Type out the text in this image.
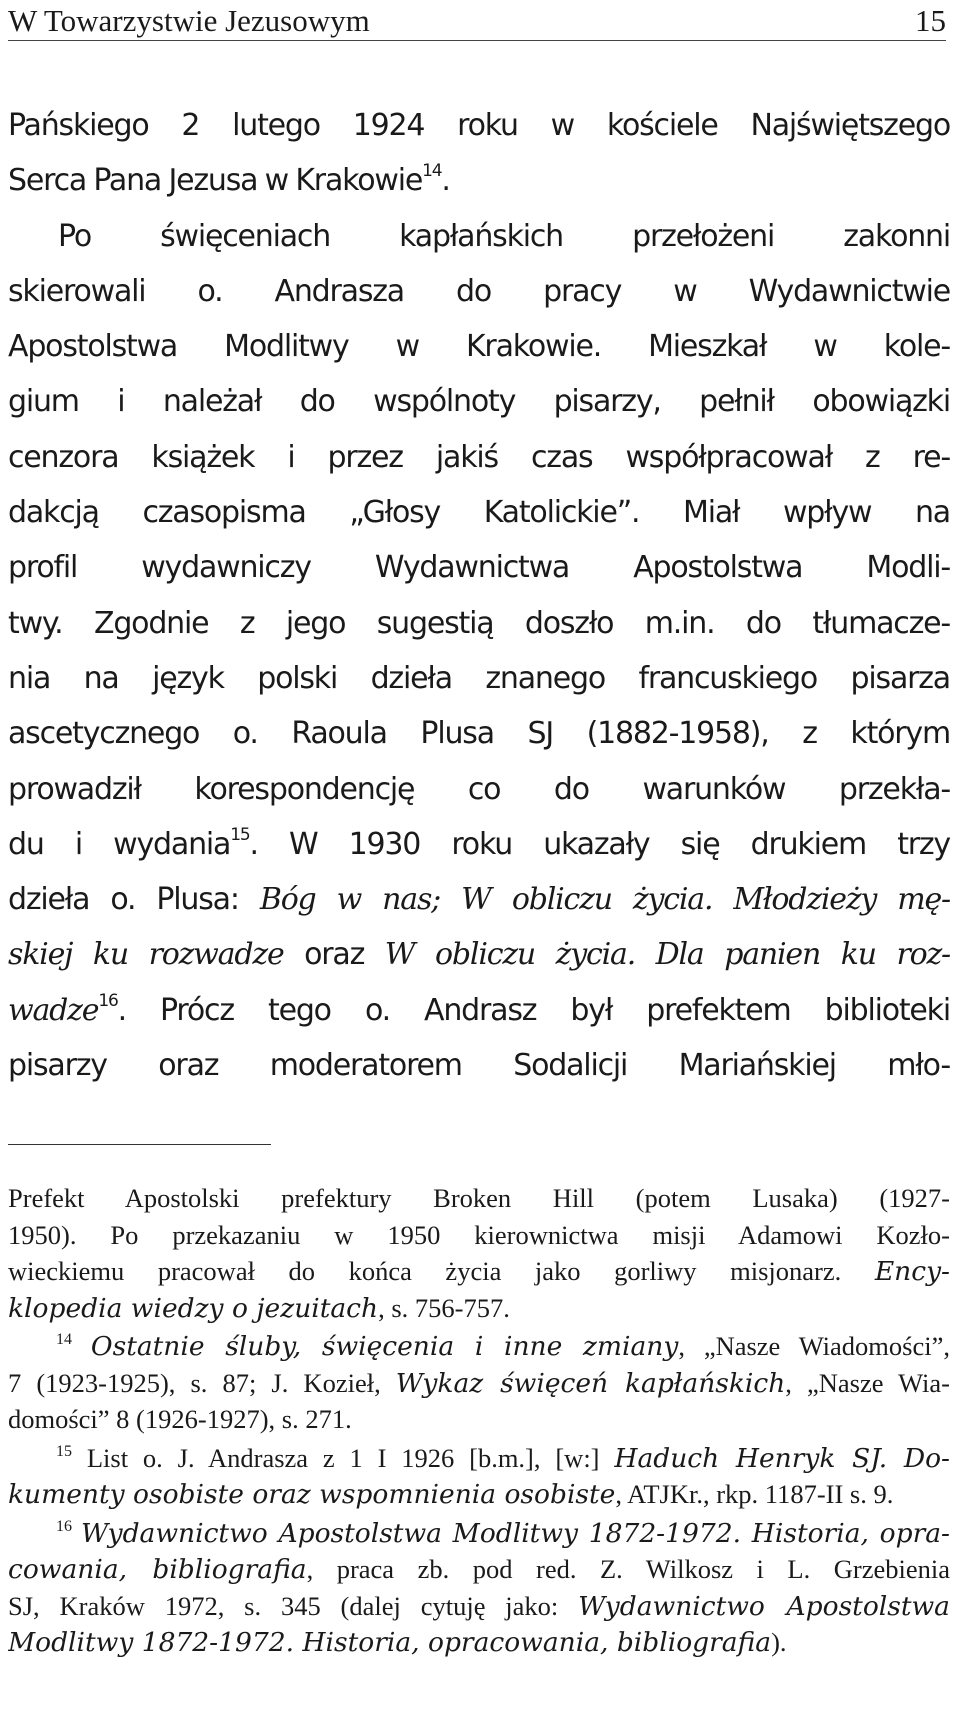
W Towarzystwie Jezusowym	15
Pańskiego 2 lutego 1924 roku w kościele Najświętszego
Serca Pana Jezusa w Krakowie$^{14}$.
Po święceniach kapłańskich przełożeni zakonni
skierowali o. Andrasza do pracy w Wydawnictwie
Apostolstwa Modlitwy w Krakowie. Mieszkał w kole-
gium i należał do wspólnoty pisarzy, pełnił obowiązki
cenzora książek i przez jakiś czas współpracował z re-
dakcją czasopisma „Głosy Katolickie”. Miał wpływ na
profil wydawniczy Wydawnictwa Apostolstwa Modli-
twy. Zgodnie z jego sugestią doszło m.in. do tłumacze-
nia na język polski dzieła znanego francuskiego pisarza
ascetycznego o. Raoula Plusa SJ (1882-1958), z którym
prowadził korespondencję co do warunków przekła-
du i wydania$^{15}$. W 1930 roku ukazały się drukiem trzy
dzieła o. Plusa: Bóg w nas; W obliczu życia. Młodzieży mę-
skiej ku rozwadze oraz W obliczu życia. Dla panien ku roz-
wadze$^{16}$. Prócz tego o. Andrasz był prefektem biblioteki
pisarzy oraz moderatorem Sodalicji Mariańskiej mło-
Prefekt Apostolski prefektury Broken Hill (potem Lusaka) (1927-
1950). Po przekazaniu w 1950 kierownictwa misji Adamowi Kozło-
wieckiemu pracował do końca życia jako gorliwy misjonarz. Ency-
klopedia wiedzy o jezuitach, s. 756-757.
$^{14}$ Ostatnie śluby, święcenia i inne zmiany, „Nasze Wiadomości”,
7 (1923-1925), s. 87; J. Kozieł, Wykaz święceń kapłańskich, „Nasze Wia-
domości” 8 (1926-1927), s. 271.
$^{15}$ List o. J. Andrasza z 1 I 1926 [b.m.], [w:] Haduch Henryk SJ. Do-
kumenty osobiste oraz wspomnienia osobiste, ATJKr., rkp. 1187-II s. 9.
$^{16}$ Wydawnictwo Apostolstwa Modlitwy 1872-1972. Historia, opra-
cowania, bibliografia, praca zb. pod red. Z. Wilkosz i L. Grzebienia
SJ, Kraków 1972, s. 345 (dalej cytuję jako: Wydawnictwo Apostolstwa
Modlitwy 1872-1972. Historia, opracowania, bibliografia).
